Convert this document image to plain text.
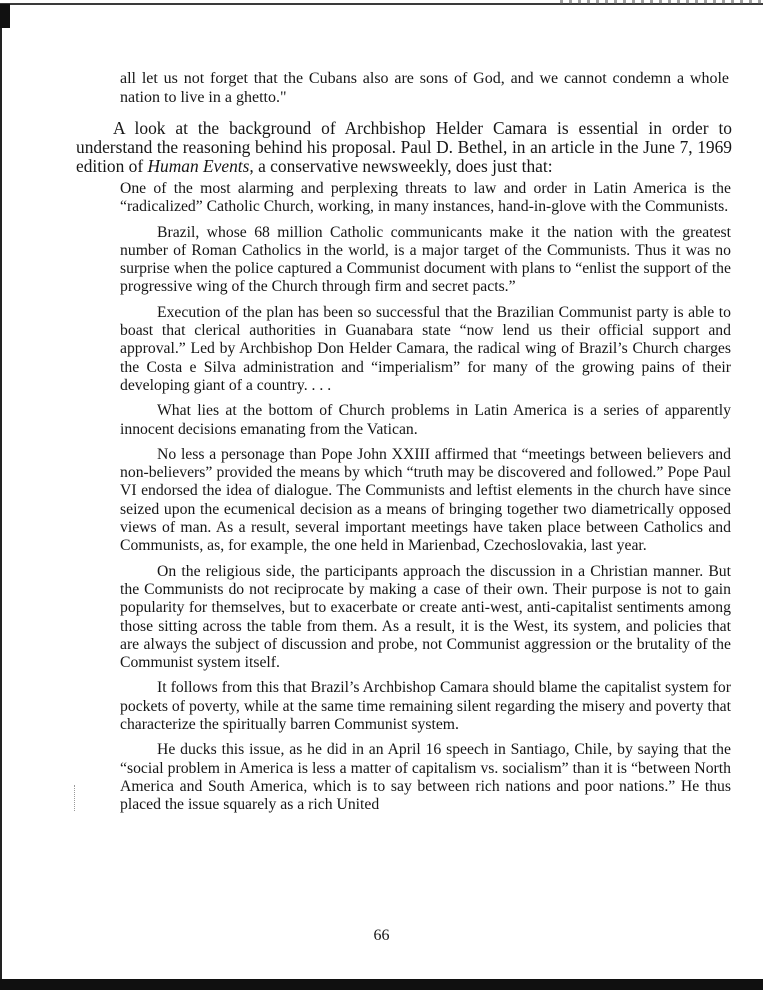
all let us not forget that the Cubans also are sons of God, and we cannot condemn a whole nation to live in a ghetto."

A look at the background of Archbishop Helder Camara is essential in order to understand the reasoning behind his proposal. Paul D. Bethel, in an article in the June 7, 1969 edition of Human Events, a conservative newsweekly, does just that:

One of the most alarming and perplexing threats to law and order in Latin America is the “radicalized” Catholic Church, working, in many instances, hand-in-glove with the Communists.

Brazil, whose 68 million Catholic communicants make it the nation with the greatest number of Roman Catholics in the world, is a major target of the Communists. Thus it was no surprise when the police captured a Communist document with plans to “enlist the support of the progressive wing of the Church through firm and secret pacts.”

Execution of the plan has been so successful that the Brazilian Communist party is able to boast that clerical authorities in Guanabara state “now lend us their official support and approval.” Led by Archbishop Don Helder Camara, the radical wing of Brazil’s Church charges the Costa e Silva administration and “imperialism” for many of the growing pains of their developing giant of a country. . . .

What lies at the bottom of Church problems in Latin America is a series of apparently innocent decisions emanating from the Vatican.

No less a personage than Pope John XXIII affirmed that “meetings between believers and non-believers” provided the means by which “truth may be discovered and followed.” Pope Paul VI endorsed the idea of dialogue. The Communists and leftist elements in the church have since seized upon the ecumenical decision as a means of bringing together two diametrically opposed views of man. As a result, several important meetings have taken place between Catholics and Communists, as, for example, the one held in Marienbad, Czechoslovakia, last year.

On the religious side, the participants approach the discussion in a Christian manner. But the Communists do not reciprocate by making a case of their own. Their purpose is not to gain popularity for themselves, but to exacerbate or create anti-west, anti-capitalist sentiments among those sitting across the table from them. As a result, it is the West, its system, and policies that are always the subject of discussion and probe, not Communist aggression or the brutality of the Communist system itself.

It follows from this that Brazil’s Archbishop Camara should blame the capitalist system for pockets of poverty, while at the same time remaining silent regarding the misery and poverty that characterize the spiritually barren Communist system.

He ducks this issue, as he did in an April 16 speech in Santiago, Chile, by saying that the “social problem in America is less a matter of capitalism vs. socialism” than it is “between North America and South America, which is to say between rich nations and poor nations.” He thus placed the issue squarely as a rich United

66
